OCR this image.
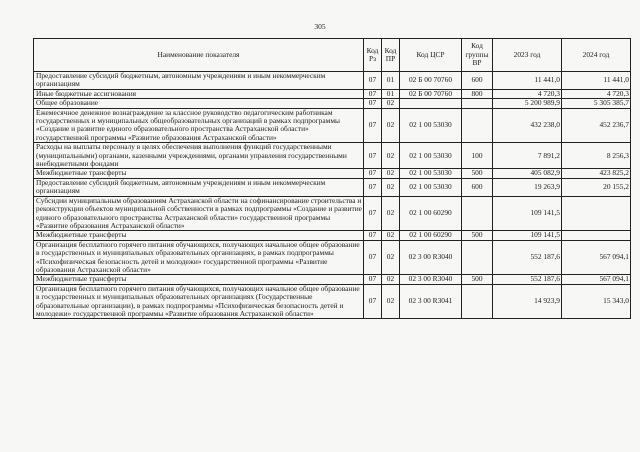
305
Наименование показателя	Код Рз	Код ПР	Код ЦСР	Код группы ВР	2023 год	2024 год
Предоставление субсидий бюджетным, автономным учреждениям и иным некоммерческим организациям	07	01	02 Б 00 70760	600	11 441,0	11 441,0
Иные бюджетные ассигнования	07	01	02 Б 00 70760	800	4 720,3	4 720,3
Общее образование	07	02			5 200 989,9	5 305 385,7
Ежемесячное денежное вознаграждение за классное руководство педагогическим работникам государственных и муниципальных общеобразовательных организаций в рамках подпрограммы «Создание и развитие единого образовательного пространства Астраханской области» государственной программы «Развитие образования Астраханской области»	07	02	02 1 00 53030		432 238,0	452 236,7
Расходы на выплаты персоналу в целях обеспечения выполнения функций государственными (муниципальными) органами, казенными учреждениями, органами управления государственными внебюджетными фондами	07	02	02 1 00 53030	100	7 891,2	8 256,3
Межбюджетные трансферты	07	02	02 1 00 53030	500	405 082,9	423 825,2
Предоставление субсидий бюджетным, автономным учреждениям и иным некоммерческим организациям	07	02	02 1 00 53030	600	19 263,9	20 155,2
Субсидии муниципальным образованиям Астраханской области на софинансирование строительства и реконструкции объектов муниципальной собственности в рамках подпрограммы «Создание и развитие единого образовательного пространства Астраханской области» государственной программы «Развитие образования Астраханской области»	07	02	02 1 00 60290		109 141,5	
Межбюджетные трансферты	07	02	02 1 00 60290	500	109 141,5	
Организация бесплатного горячего питания обучающихся, получающих начальное общее образование в государственных и муниципальных образовательных организациях, в рамках подпрограммы «Психофизическая безопасность детей и молодежи» государственной программы «Развитие образования Астраханской области»	07	02	02 3 00 R3040		552 187,6	567 094,1
Межбюджетные трансферты	07	02	02 3 00 R3040	500	552 187,6	567 094,1
Организация бесплатного горячего питания обучающихся, получающих начальное общее образование в государственных и муниципальных образовательных организациях (Государственные образовательные организации), в рамках подпрограммы «Психофизическая безопасность детей и молодежи» государственной программы «Развитие образования Астраханской области»	07	02	02 3 00 R3041		14 923,9	15 343,0
